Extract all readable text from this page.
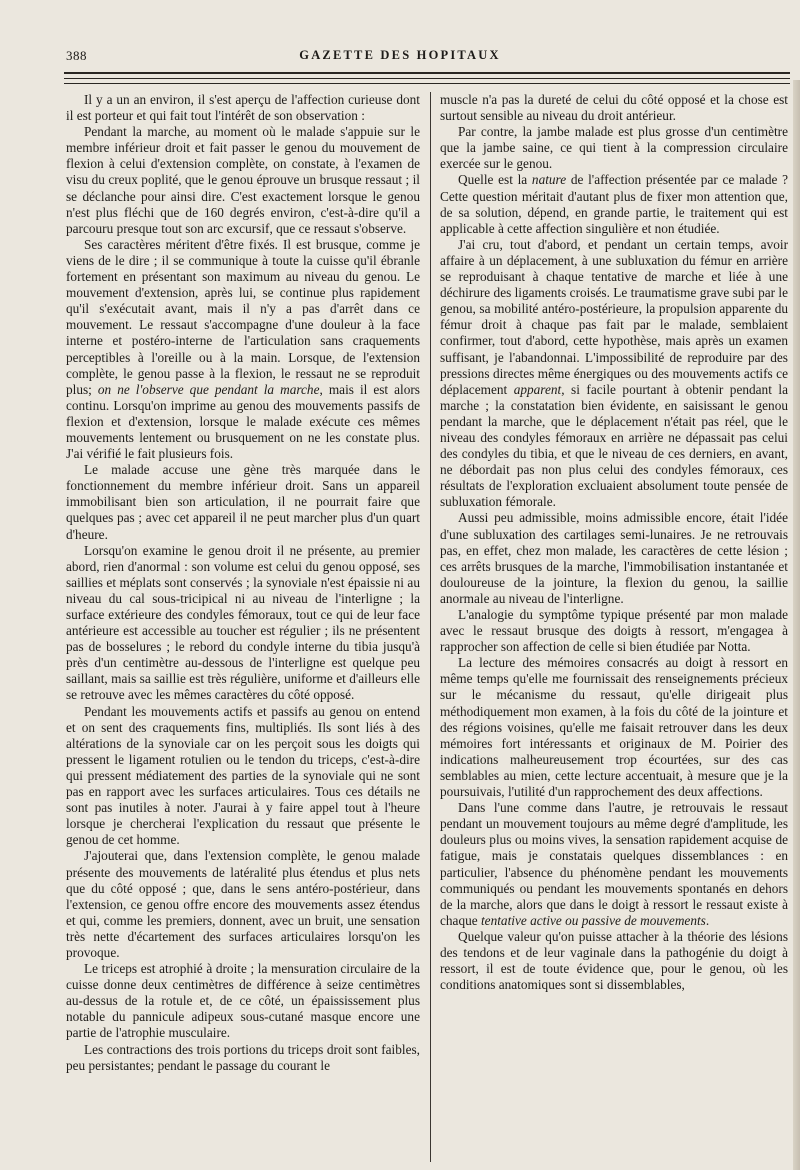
388	GAZETTE DES HOPITAUX

Il y a un an environ, il s'est aperçu de l'affection curieuse dont il est porteur et qui fait tout l'intérêt de son observation :

Pendant la marche, au moment où le malade s'appuie sur le membre inférieur droit et fait passer le genou du mouvement de flexion à celui d'extension complète, on constate, à l'examen de visu du creux poplité, que le genou éprouve un brusque ressaut ; il se déclanche pour ainsi dire. C'est exactement lorsque le genou n'est plus fléchi que de 160 degrés environ, c'est-à-dire qu'il a parcouru presque tout son arc excursif, que ce ressaut s'observe.

Ses caractères méritent d'être fixés. Il est brusque, comme je viens de le dire ; il se communique à toute la cuisse qu'il ébranle fortement en présentant son maximum au niveau du genou. Le mouvement d'extension, après lui, se continue plus rapidement qu'il s'exécutait avant, mais il n'y a pas d'arrêt dans ce mouvement. Le ressaut s'accompagne d'une douleur à la face interne et postéro-interne de l'articulation sans craquements perceptibles à l'oreille ou à la main. Lorsque, de l'extension complète, le genou passe à la flexion, le ressaut ne se reproduit plus; on ne l'observe que pendant la marche, mais il est alors continu. Lorsqu'on imprime au genou des mouvements passifs de flexion et d'extension, lorsque le malade exécute ces mêmes mouvements lentement ou brusquement on ne les constate plus. J'ai vérifié le fait plusieurs fois.

Le malade accuse une gène très marquée dans le fonctionnement du membre inférieur droit. Sans un appareil immobilisant bien son articulation, il ne pourrait faire que quelques pas ; avec cet appareil il ne peut marcher plus d'un quart d'heure.

Lorsqu'on examine le genou droit il ne présente, au premier abord, rien d'anormal : son volume est celui du genou opposé, ses saillies et méplats sont conservés ; la synoviale n'est épaissie ni au niveau du cal sous-tricipical ni au niveau de l'interligne ; la surface extérieure des condyles fémoraux, tout ce qui de leur face antérieure est accessible au toucher est régulier ; ils ne présentent pas de bosselures ; le rebord du condyle interne du tibia jusqu'à près d'un centimètre au-dessous de l'interligne est quelque peu saillant, mais sa saillie est très régulière, uniforme et d'ailleurs elle se retrouve avec les mêmes caractères du côté opposé.

Pendant les mouvements actifs et passifs au genou on entend et on sent des craquements fins, multipliés. Ils sont liés à des altérations de la synoviale car on les perçoit sous les doigts qui pressent le ligament rotulien ou le tendon du triceps, c'est-à-dire qui pressent médiatement des parties de la synoviale qui ne sont pas en rapport avec les surfaces articulaires. Tous ces détails ne sont pas inutiles à noter. J'aurai à y faire appel tout à l'heure lorsque je chercherai l'explication du ressaut que présente le genou de cet homme.

J'ajouterai que, dans l'extension complète, le genou malade présente des mouvements de latéralité plus étendus et plus nets que du côté opposé ; que, dans le sens antéro-postérieur, dans l'extension, ce genou offre encore des mouvements assez étendus et qui, comme les premiers, donnent, avec un bruit, une sensation très nette d'écartement des surfaces articulaires lorsqu'on les provoque.

Le triceps est atrophié à droite ; la mensuration circulaire de la cuisse donne deux centimètres de différence à seize centimètres au-dessus de la rotule et, de ce côté, un épaississement plus notable du pannicule adipeux sous-cutané masque encore une partie de l'atrophie musculaire.

Les contractions des trois portions du triceps droit sont faibles, peu persistantes; pendant le passage du courant le

muscle n'a pas la dureté de celui du côté opposé et la chose est surtout sensible au niveau du droit antérieur.

Par contre, la jambe malade est plus grosse d'un centimètre que la jambe saine, ce qui tient à la compression circulaire exercée sur le genou.

Quelle est la nature de l'affection présentée par ce malade ? Cette question méritait d'autant plus de fixer mon attention que, de sa solution, dépend, en grande partie, le traitement qui est applicable à cette affection singulière et non étudiée.

J'ai cru, tout d'abord, et pendant un certain temps, avoir affaire à un déplacement, à une subluxation du fémur en arrière se reproduisant à chaque tentative de marche et liée à une déchirure des ligaments croisés. Le traumatisme grave subi par le genou, sa mobilité antéro-postérieure, la propulsion apparente du fémur droit à chaque pas fait par le malade, semblaient confirmer, tout d'abord, cette hypothèse, mais après un examen suffisant, je l'abandonnai. L'impossibilité de reproduire par des pressions directes même énergiques ou des mouvements actifs ce déplacement apparent, si facile pourtant à obtenir pendant la marche ; la constatation bien évidente, en saisissant le genou pendant la marche, que le déplacement n'était pas réel, que le niveau des condyles fémoraux en arrière ne dépassait pas celui des condyles du tibia, et que le niveau de ces derniers, en avant, ne débordait pas non plus celui des condyles fémoraux, ces résultats de l'exploration excluaient absolument toute pensée de subluxation fémorale.

Aussi peu admissible, moins admissible encore, était l'idée d'une subluxation des cartilages semi-lunaires. Je ne retrouvais pas, en effet, chez mon malade, les caractères de cette lésion ; ces arrêts brusques de la marche, l'immobilisation instantanée et douloureuse de la jointure, la flexion du genou, la saillie anormale au niveau de l'interligne.

L'analogie du symptôme typique présenté par mon malade avec le ressaut brusque des doigts à ressort, m'engagea à rapprocher son affection de celle si bien étudiée par Notta.

La lecture des mémoires consacrés au doigt à ressort en même temps qu'elle me fournissait des renseignements précieux sur le mécanisme du ressaut, qu'elle dirigeait plus méthodiquement mon examen, à la fois du côté de la jointure et des régions voisines, qu'elle me faisait retrouver dans les deux mémoires fort intéressants et originaux de M. Poirier des indications malheureusement trop écourtées, sur des cas semblables au mien, cette lecture accentuait, à mesure que je la poursuivais, l'utilité d'un rapprochement des deux affections.

Dans l'une comme dans l'autre, je retrouvais le ressaut pendant un mouvement toujours au même degré d'amplitude, les douleurs plus ou moins vives, la sensation rapidement acquise de fatigue, mais je constatais quelques dissemblances : en particulier, l'absence du phénomène pendant les mouvements communiqués ou pendant les mouvements spontanés en dehors de la marche, alors que dans le doigt à ressort le ressaut existe à chaque tentative active ou passive de mouvements.

Quelque valeur qu'on puisse attacher à la théorie des lésions des tendons et de leur vaginale dans la pathogénie du doigt à ressort, il est de toute évidence que, pour le genou, où les conditions anatomiques sont si dissemblables,
